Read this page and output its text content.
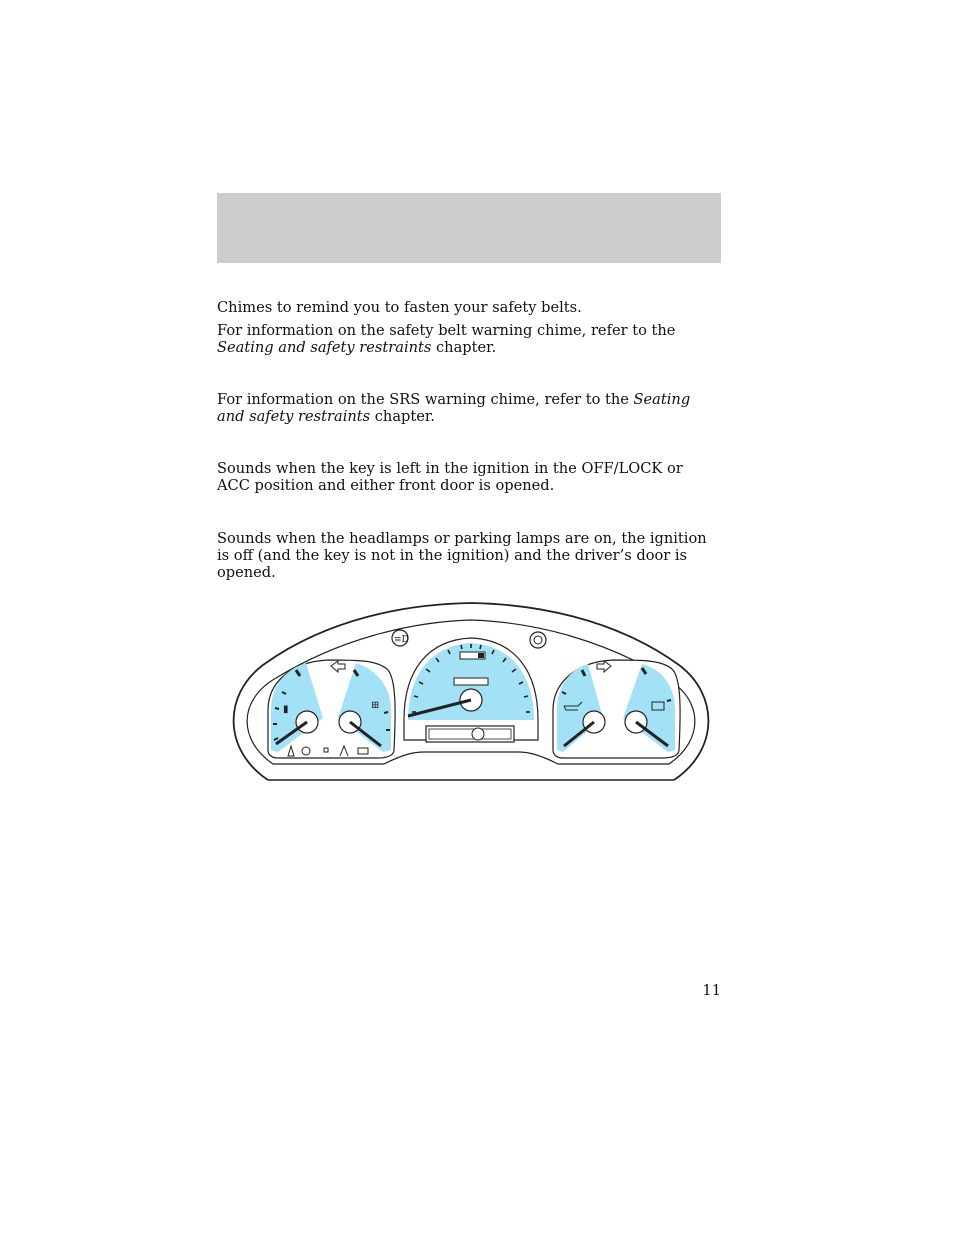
Chimes to remind you to fasten your safety belts.

For information on the safety belt warning chime, refer to the Seating and safety restraints chapter.

For information on the SRS warning chime, refer to the Seating and safety restraints chapter.

Sounds when the key is left in the ignition in the OFF/LOCK or ACC position and either front door is opened.

Sounds when the headlamps or parking lamps are on, the ignition is off (and the key is not in the ignition) and the driver’s door is opened.

▮	⊞
≡D
11
